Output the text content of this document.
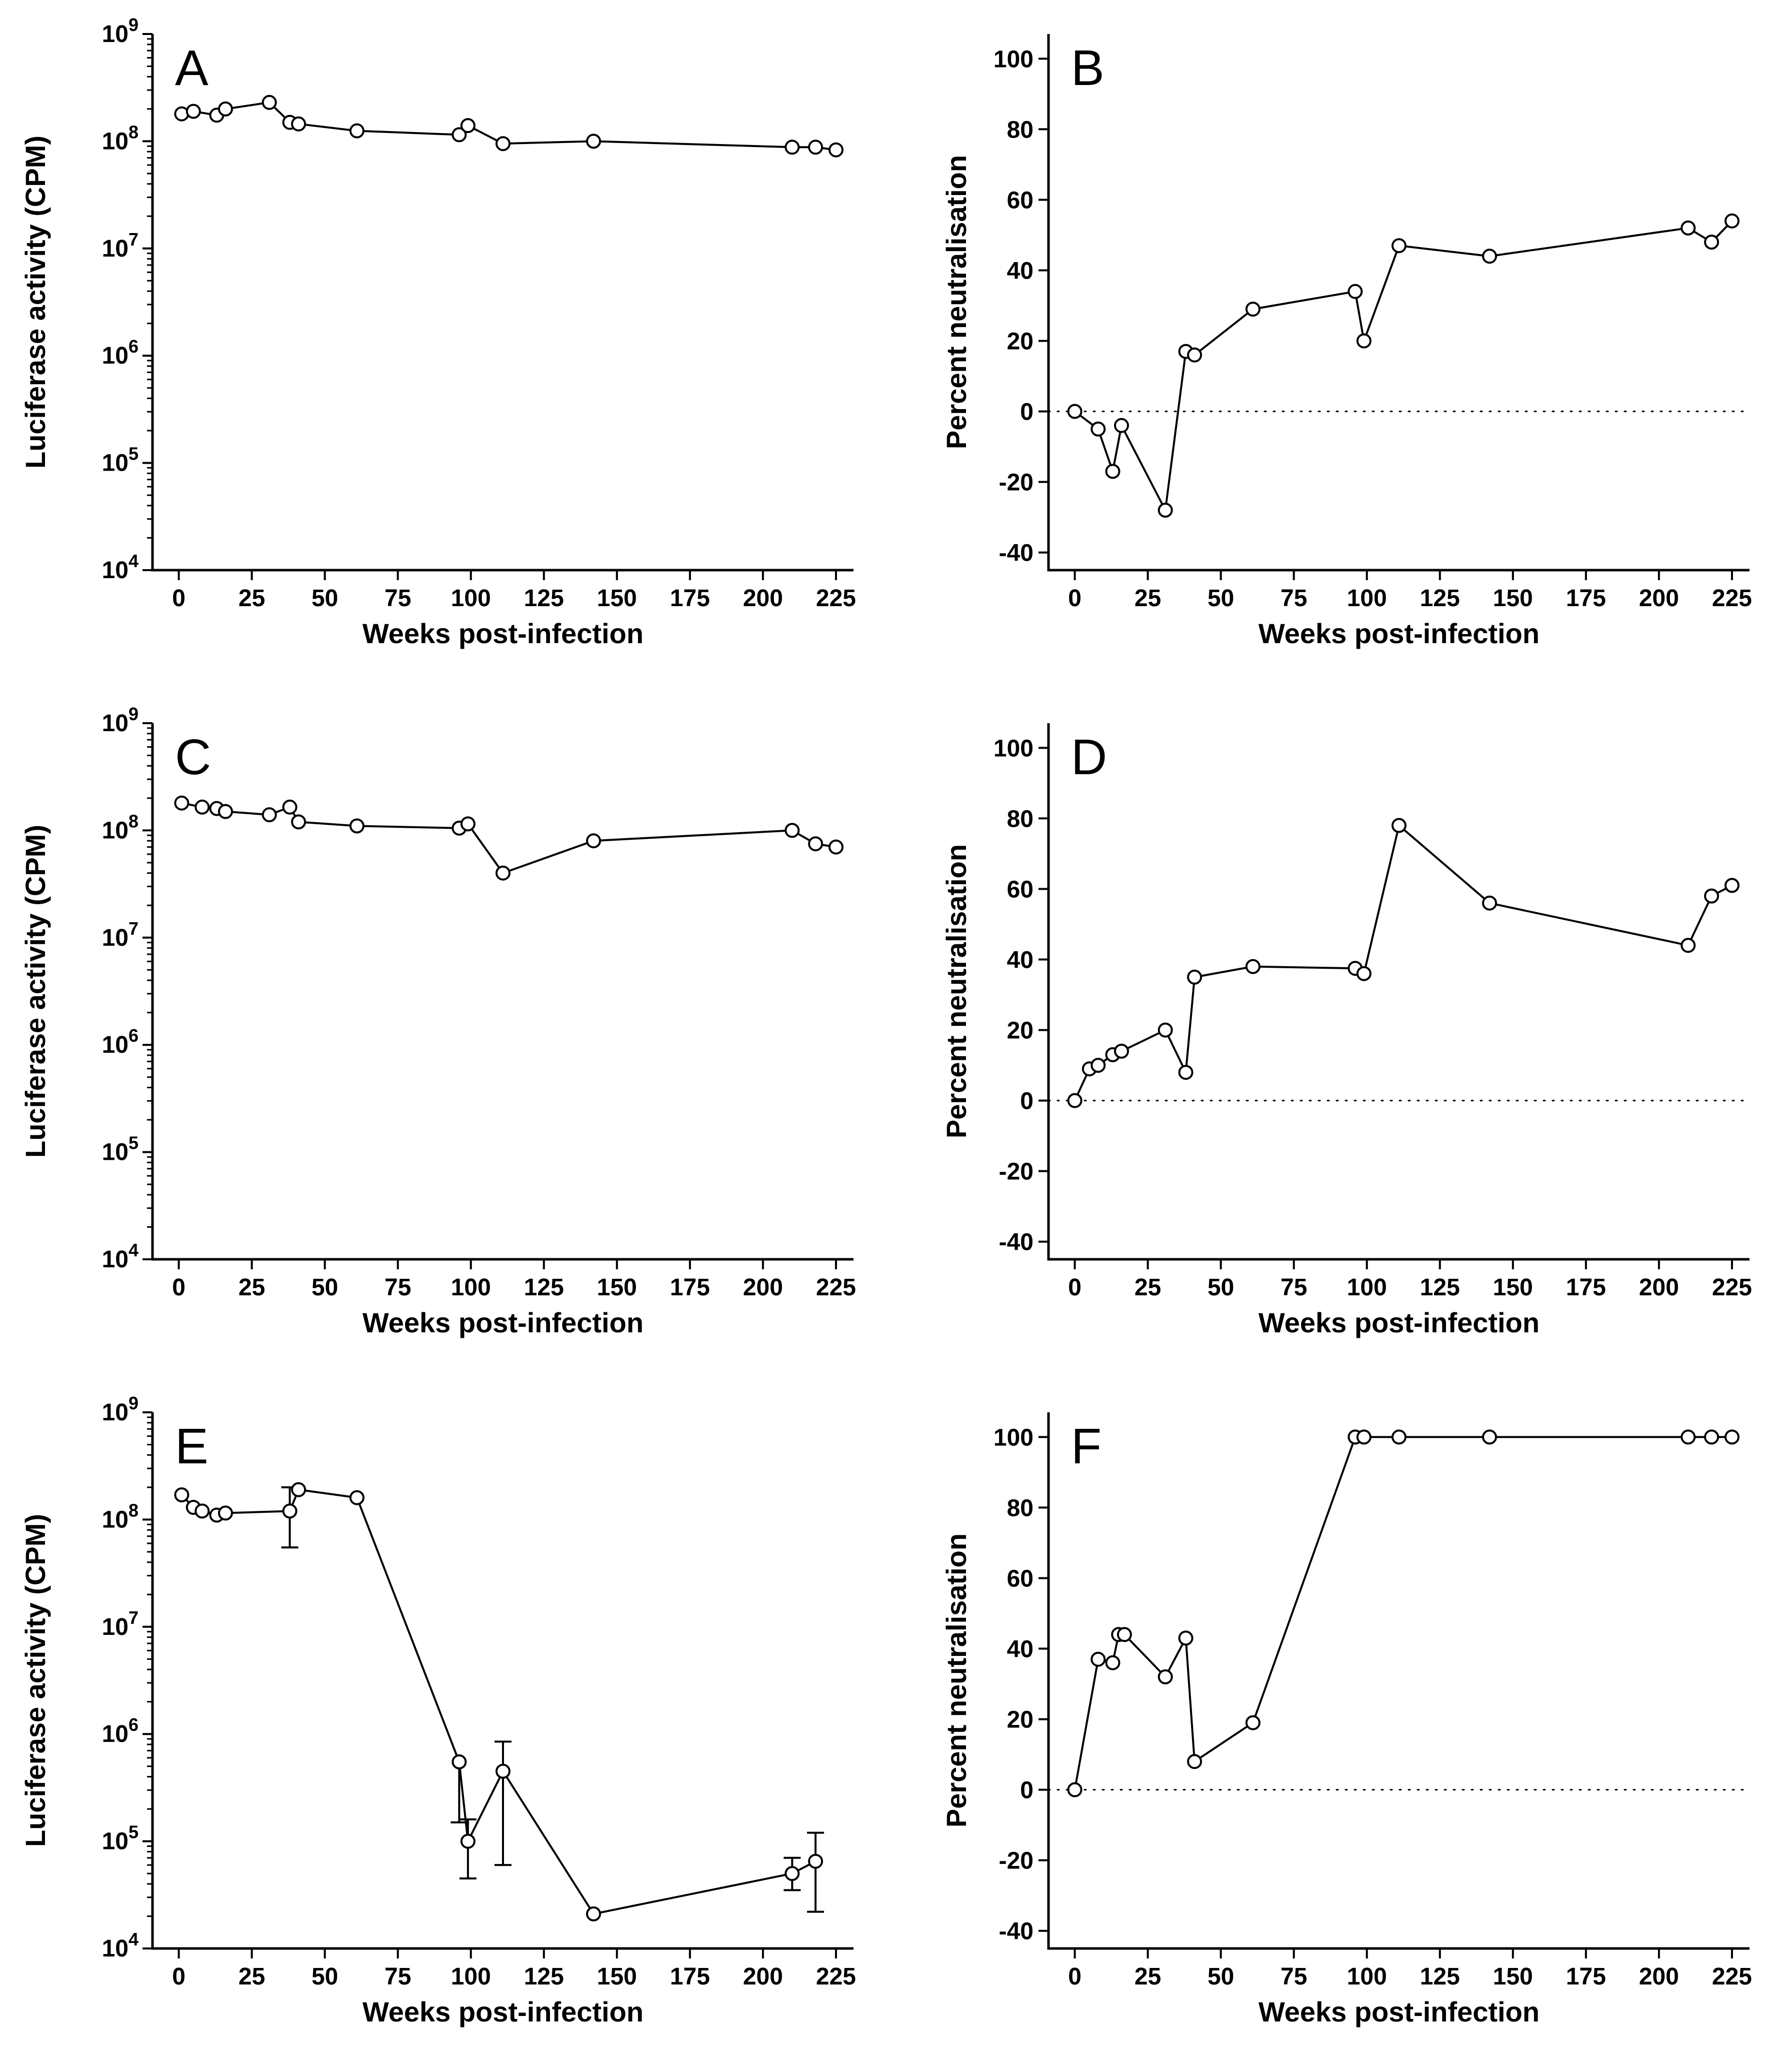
0 25 50 75 100 125 150 175 200 225
$10^4$
$10^5$
$10^6$
$10^7$
$10^8$
$10^9$
Weeks post-infection
Luciferase activity (CPM)
A
0 25 50 75 100 125 150 175 200 225
-40
-20
0
20
40
60
80
100
Weeks post-infection
Percent neutralisation
B
0 25 50 75 100 125 150 175 200 225
$10^4$
$10^5$
$10^6$
$10^7$
$10^8$
$10^9$
Weeks post-infection
Luciferase activity (CPM)
C
0 25 50 75 100 125 150 175 200 225
-40
-20
0
20
40
60
80
100
Weeks post-infection
Percent neutralisation
D
0 25 50 75 100 125 150 175 200 225
$10^4$
$10^5$
$10^6$
$10^7$
$10^8$
$10^9$
Weeks post-infection
Luciferase activity (CPM)
E
0 25 50 75 100 125 150 175 200 225
-40
-20
0
20
40
60
80
100
Weeks post-infection
Percent neutralisation
F
